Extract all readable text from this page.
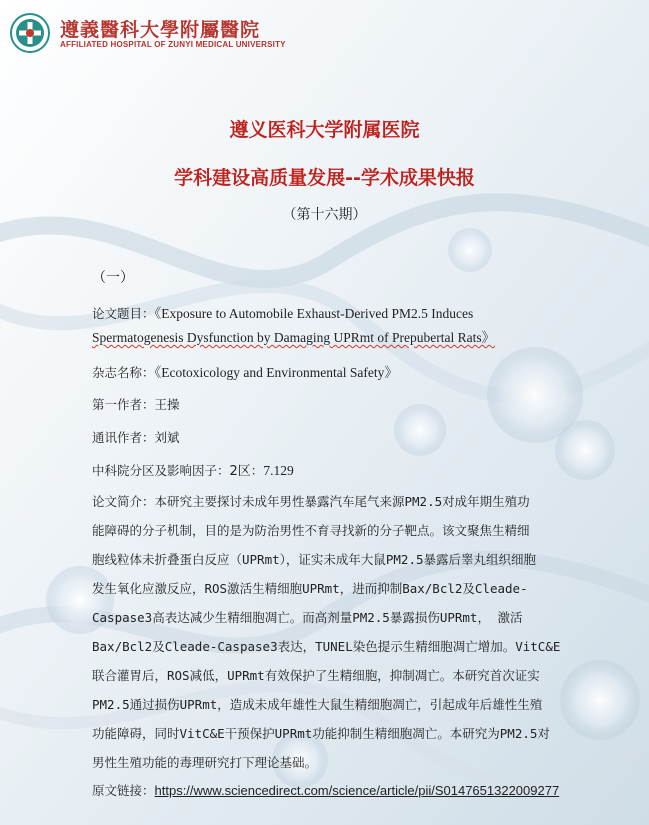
遵義醫科大學附屬醫院
AFFILIATED HOSPITAL OF ZUNYI MEDICAL UNIVERSITY
遵义医科大学附属医院
学科建设高质量发展--学术成果快报
（第十六期）
（一）
论文题目：《Exposure to Automobile Exhaust-Derived PM2.5 Induces
Spermatogenesis Dysfunction by Damaging UPRmt of Prepubertal Rats》
杂志名称：《Ecotoxicology and Environmental Safety》
第一作者：王操
通讯作者：刘斌
中科院分区及影响因子：2区：7.129
论文简介：本研究主要探讨未成年男性暴露汽车尾气来源PM2.5对成年期生殖功
能障碍的分子机制，目的是为防治男性不育寻找新的分子靶点。该文聚焦生精细
胞线粒体未折叠蛋白反应（UPRmt），证实未成年大鼠PM2.5暴露后睾丸组织细胞
发生氧化应激反应，ROS激活生精细胞UPRmt，进而抑制Bax/Bcl2及Cleade-
Caspase3高表达减少生精细胞凋亡。而高剂量PM2.5暴露损伤UPRmt， 激活
Bax/Bcl2及Cleade-Caspase3表达，TUNEL染色提示生精细胞凋亡增加。VitC&E
联合灌胃后，ROS减低，UPRmt有效保护了生精细胞，抑制凋亡。本研究首次证实
PM2.5通过损伤UPRmt，造成未成年雄性大鼠生精细胞凋亡，引起成年后雄性生殖
功能障碍，同时VitC&E干预保护UPRmt功能抑制生精细胞凋亡。本研究为PM2.5对
男性生殖功能的毒理研究打下理论基础。
原文链接：https://www.sciencedirect.com/science/article/pii/S0147651322009277
